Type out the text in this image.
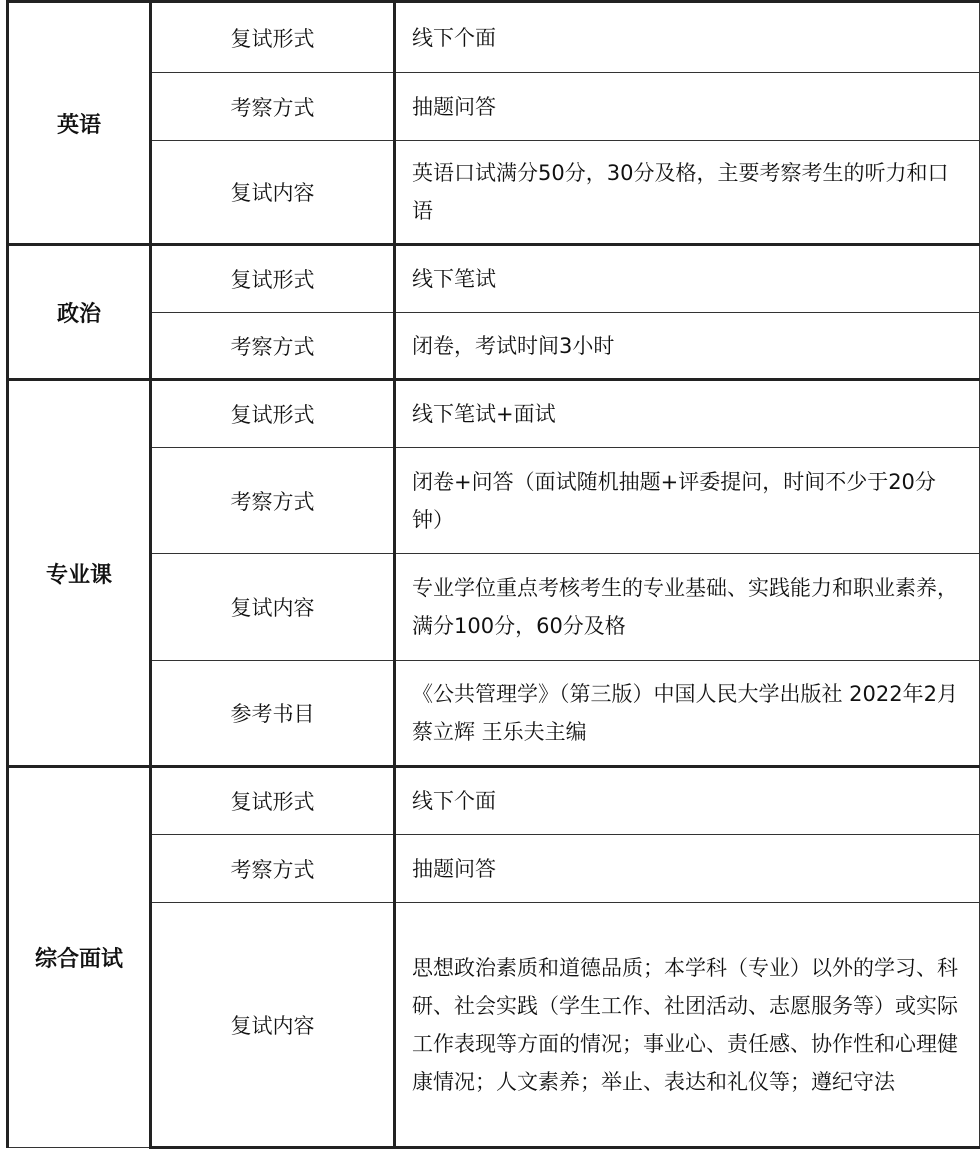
英语	复试形式	线下个面
	考察方式	抽题问答
	复试内容	英语口试满分50分，30分及格，主要考察考生的听力和口语
政治	复试形式	线下笔试
	考察方式	闭卷，考试时间3小时
专业课	复试形式	线下笔试+面试
	考察方式	闭卷+问答（面试随机抽题+评委提问，时间不少于20分钟）
	复试内容	专业学位重点考核考生的专业基础、实践能力和职业素养，满分100分，60分及格
	参考书目	《公共管理学》（第三版）中国人民大学出版社 2022年2月 蔡立辉 王乐夫主编
综合面试	复试形式	线下个面
	考察方式	抽题问答
	复试内容	思想政治素质和道德品质；本学科（专业）以外的学习、科研、社会实践（学生工作、社团活动、志愿服务等）或实际工作表现等方面的情况；事业心、责任感、协作性和心理健康情况；人文素养；举止、表达和礼仪等；遵纪守法
